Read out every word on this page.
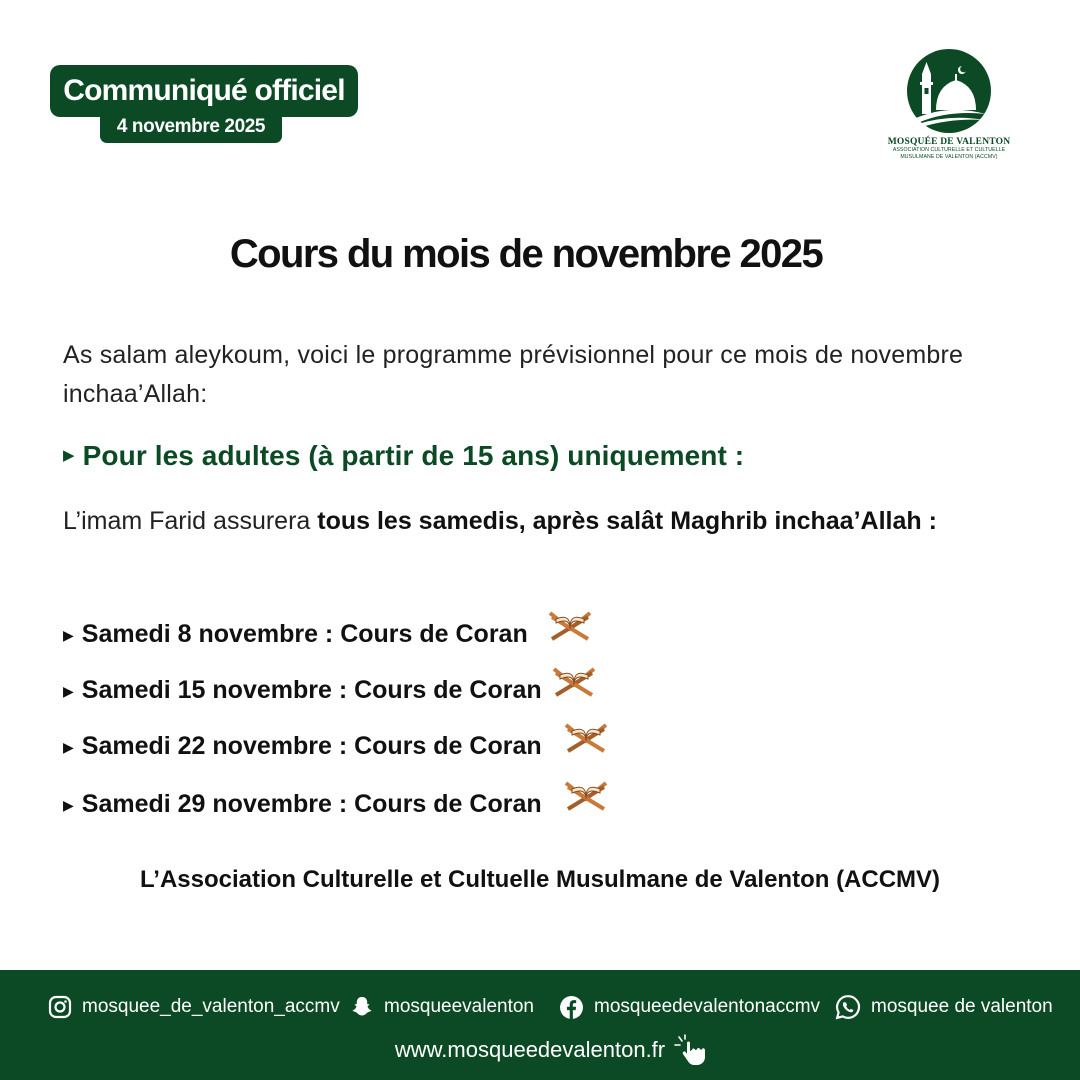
Communiqué officiel
4 novembre 2025
MOSQUÉE DE VALENTON
ASSOCIATION CULTURELLE ET CULTUELLE
MUSULMANE DE VALENTON (ACCMV)
Cours du mois de novembre 2025
As salam aleykoum, voici le programme prévisionnel pour ce mois de novembre inchaa’Allah:
▶ Pour les adultes (à partir de 15 ans) uniquement :
L’imam Farid assurera tous les samedis, après salât Maghrib inchaa’Allah :
▶ Samedi 8 novembre : Cours de Coran
▶ Samedi 15 novembre : Cours de Coran
▶ Samedi 22 novembre : Cours de Coran
▶ Samedi 29 novembre : Cours de Coran
L’Association Culturelle et Cultuelle Musulmane de Valenton (ACCMV)
mosquee_de_valenton_accmv mosqueevalenton	mosqueedevalentonaccmv	mosquee de valenton
www.mosqueedevalenton.fr
